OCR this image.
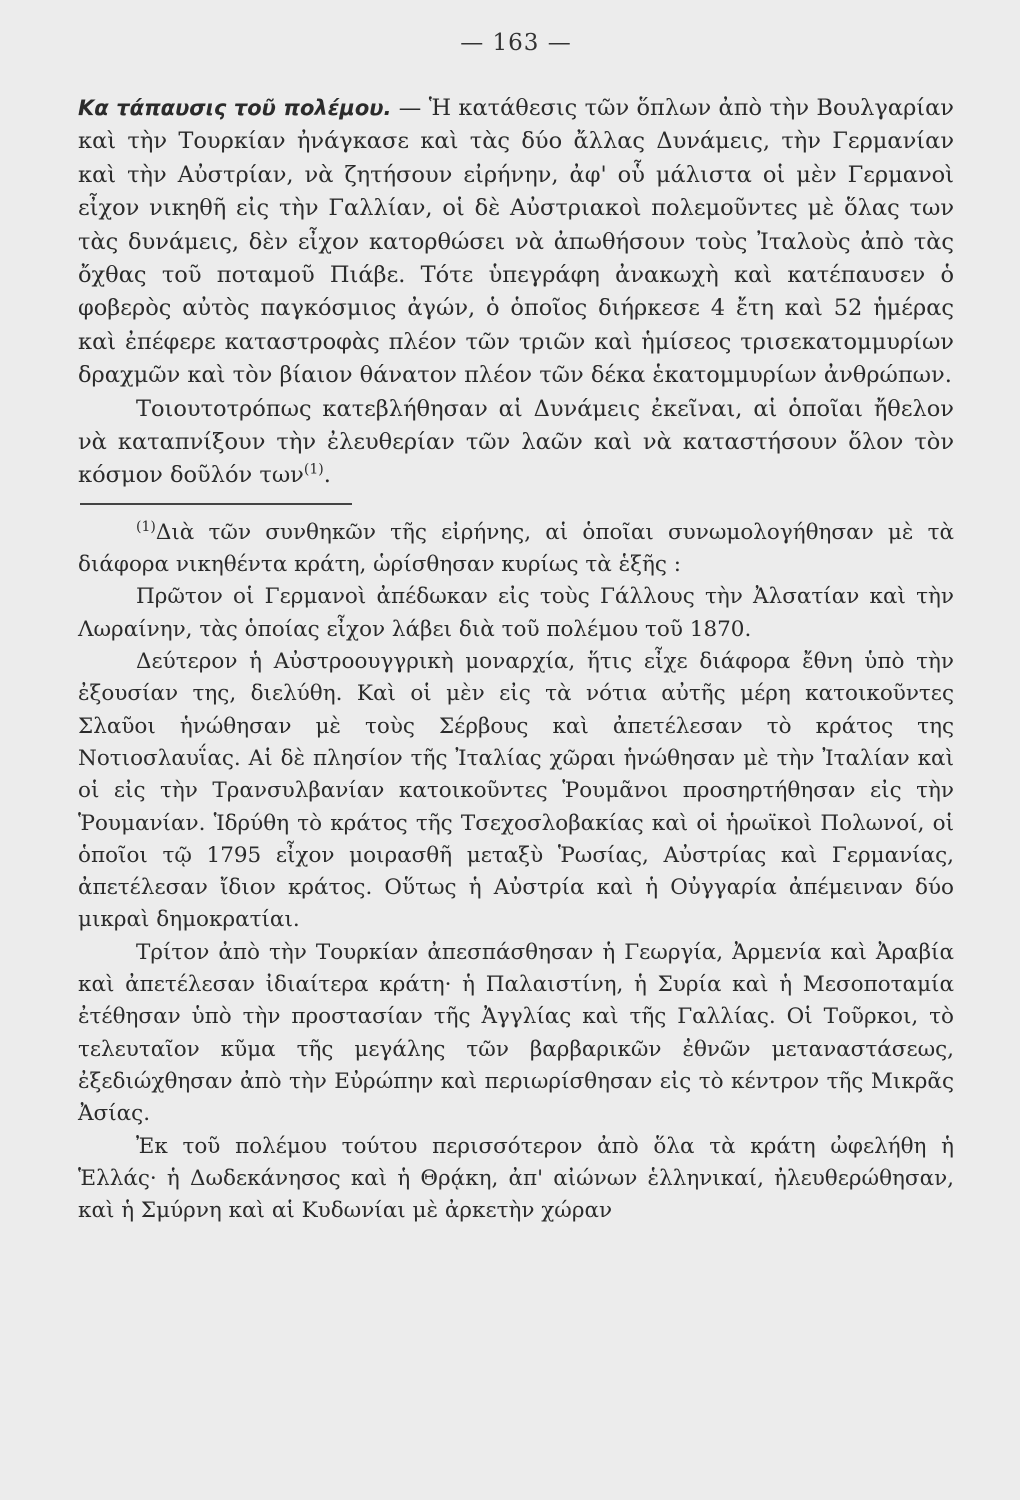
— 163 —

Κα τάπαυσις τοῦ πολέμου. — Ἡ κατάθεσις τῶν ὅπλων ἀπὸ τὴν Βουλγαρίαν καὶ τὴν Τουρκίαν ἠνάγκασε καὶ τὰς δύο ἄλλας Δυνάμεις, τὴν Γερμανίαν καὶ τὴν Αὐστρίαν, νὰ ζητήσουν εἰρήνην, ἀφ' οὗ μάλιστα οἱ μὲν Γερμανοὶ εἶχον νικηθῆ εἰς τὴν Γαλλίαν, οἱ δὲ Αὐστριακοὶ πολεμοῦντες μὲ ὅλας των τὰς δυνάμεις, δὲν εἶχον κατορθώσει νὰ ἀπωθήσουν τοὺς Ἰταλοὺς ἀπὸ τὰς ὄχθας τοῦ ποταμοῦ Πιάβε. Τότε ὑπεγράφη ἀνακωχὴ καὶ κατέπαυσεν ὁ φοβερὸς αὐτὸς παγκόσμιος ἀγών, ὁ ὁποῖος διήρκεσε 4 ἔτη καὶ 52 ἡμέρας καὶ ἐπέφερε καταστροφὰς πλέον τῶν τριῶν καὶ ἡμίσεος τρισεκατομμυρίων δραχμῶν καὶ τὸν βίαιον θάνατον πλέον τῶν δέκα ἑκατομμυρίων ἀνθρώπων.

Τοιουτοτρόπως κατεβλήθησαν αἱ Δυνάμεις ἐκεῖναι, αἱ ὁποῖαι ἤθελον νὰ καταπνίξουν τὴν ἐλευθερίαν τῶν λαῶν καὶ νὰ καταστήσουν ὅλον τὸν κόσμον δοῦλόν των$^{(1)}$.

$^{(1)}$Διὰ τῶν συνθηκῶν τῆς εἰρήνης, αἱ ὁποῖαι συνωμολογήθησαν μὲ τὰ διάφορα νικηθέντα κράτη, ὡρίσθησαν κυρίως τὰ ἑξῆς :

Πρῶτον οἱ Γερμανοὶ ἀπέδωκαν εἰς τοὺς Γάλλους τὴν Ἀλσατίαν καὶ τὴν Λωραίνην, τὰς ὁποίας εἶχον λάβει διὰ τοῦ πολέμου τοῦ 1870.

Δεύτερον ἡ Αὐστροουγγρικὴ μοναρχία, ἥτις εἶχε διάφορα ἔθνη ὑπὸ τὴν ἐξουσίαν της, διελύθη. Καὶ οἱ μὲν εἰς τὰ νότια αὐτῆς μέρη κατοικοῦντες Σλαῦοι ἡνώθησαν μὲ τοὺς Σέρβους καὶ ἀπετέλεσαν τὸ κράτος της Νοτιοσλαυΐας. Αἱ δὲ πλησίον τῆς Ἰταλίας χῶραι ἡνώθησαν μὲ τὴν Ἰταλίαν καὶ οἱ εἰς τὴν Τρανσυλβανίαν κατοικοῦντες Ῥουμᾶνοι προσηρτήθησαν εἰς τὴν Ῥουμανίαν. Ἱδρύθη τὸ κράτος τῆς Τσεχοσλοβακίας καὶ οἱ ἡρωϊκοὶ Πολωνοί, οἱ ὁποῖοι τῷ 1795 εἶχον μοιρασθῆ μεταξὺ Ῥωσίας, Αὐστρίας καὶ Γερμανίας, ἀπετέλεσαν ἴδιον κράτος. Οὕτως ἡ Αὐστρία καὶ ἡ Οὐγγαρία ἀπέμειναν δύο μικραὶ δημοκρατίαι.

Τρίτον ἀπὸ τὴν Τουρκίαν ἀπεσπάσθησαν ἡ Γεωργία, Ἀρμενία καὶ Ἀραβία καὶ ἀπετέλεσαν ἰδιαίτερα κράτη· ἡ Παλαιστίνη, ἡ Συρία καὶ ἡ Μεσοποταμία ἐτέθησαν ὑπὸ τὴν προστασίαν τῆς Ἀγγλίας καὶ τῆς Γαλλίας. Οἱ Τοῦρκοι, τὸ τελευταῖον κῦμα τῆς μεγάλης τῶν βαρβαρικῶν ἐθνῶν μεταναστάσεως, ἐξεδιώχθησαν ἀπὸ τὴν Εὐρώπην καὶ περιωρίσθησαν εἰς τὸ κέντρον τῆς Μικρᾶς Ἀσίας.

Ἐκ τοῦ πολέμου τούτου περισσότερον ἀπὸ ὅλα τὰ κράτη ὠφελήθη ἡ Ἑλλάς· ἡ Δωδεκάνησος καὶ ἡ Θρᾴκη, ἀπ' αἰώνων ἑλληνικαί, ἠλευθερώθησαν, καὶ ἡ Σμύρνη καὶ αἱ Κυδωνίαι μὲ ἀρκετὴν χώραν
